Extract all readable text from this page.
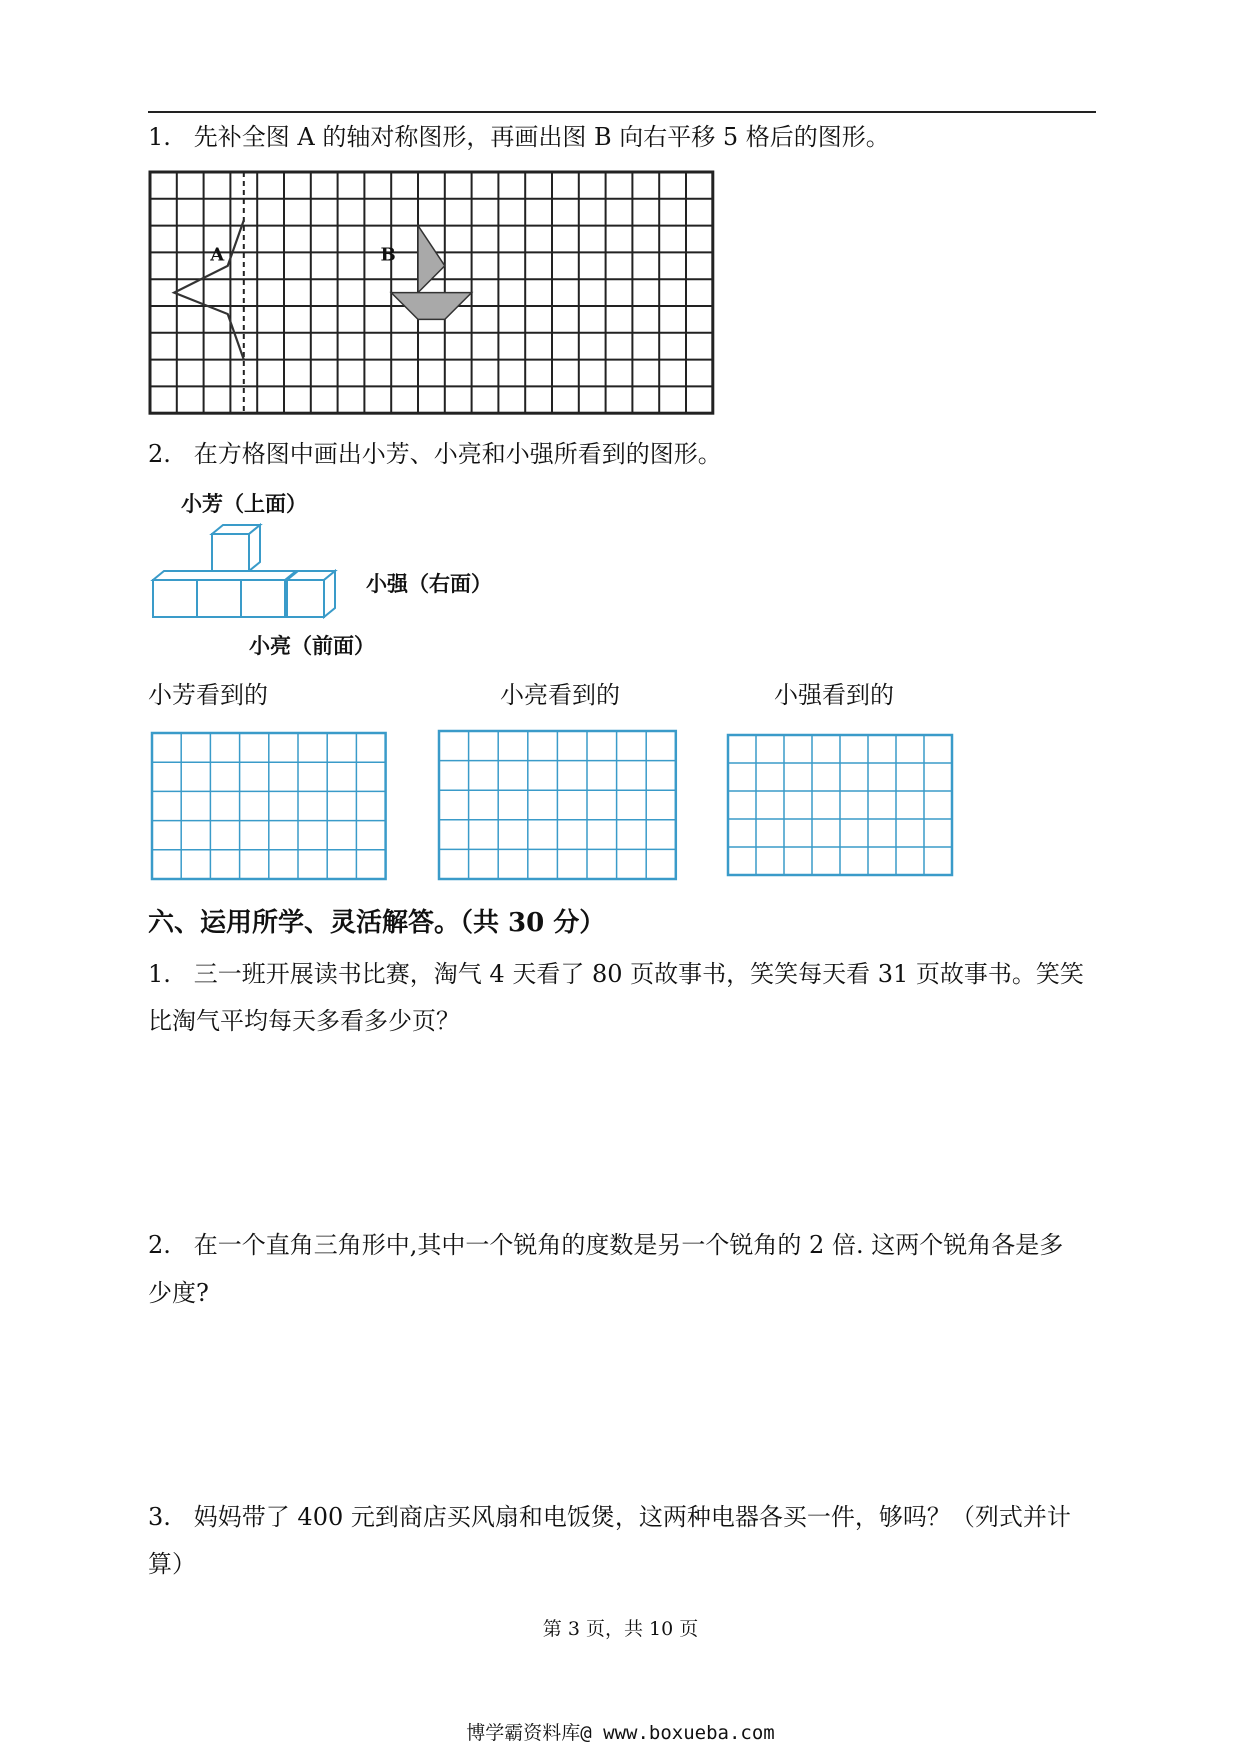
1. 先补全图 A 的轴对称图形，再画出图 B 向右平移 5 格后的图形。
A	B
2. 在方格图中画出小芳、小亮和小强所看到的图形。
小芳（上面）
小强（右面）
小亮（前面）
小芳看到的	小亮看到的	小强看到的
六、运用所学、灵活解答。（共 30 分）
1. 三一班开展读书比赛，淘气 4 天看了 80 页故事书，笑笑每天看 31 页故事书。笑笑
比淘气平均每天多看多少页？
2. 在一个直角三角形中,其中一个锐角的度数是另一个锐角的 2 倍. 这两个锐角各是多
少度?
3. 妈妈带了 400 元到商店买风扇和电饭煲，这两种电器各买一件，够吗？（列式并计
算）
第 3 页，共 10 页
博学霸资料库@ www.boxueba.com
